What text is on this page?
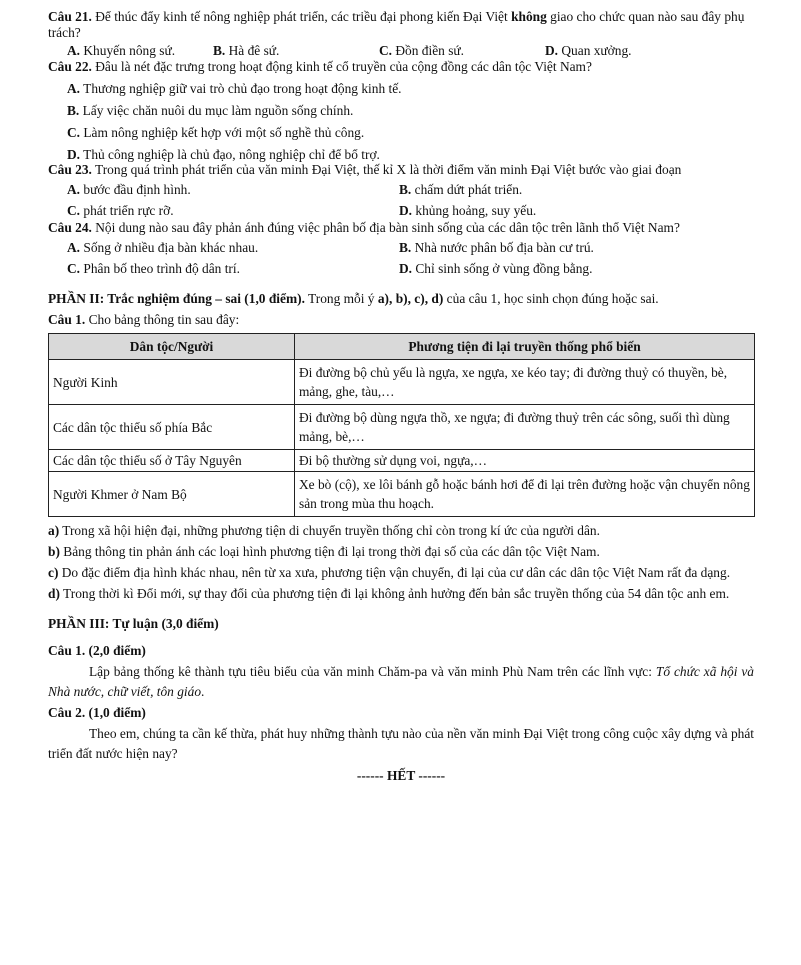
Câu 21. Để thúc đẩy kinh tế nông nghiệp phát triển, các triều đại phong kiến Đại Việt không giao cho chức quan nào sau đây phụ trách?

A. Khuyến nông sứ.	B. Hà đê sứ.	C. Đồn điền sứ.	D. Quan xưởng.

Câu 22. Đâu là nét đặc trưng trong hoạt động kinh tế cổ truyền của cộng đồng các dân tộc Việt Nam?

A. Thương nghiệp giữ vai trò chủ đạo trong hoạt động kinh tế.
B. Lấy việc chăn nuôi du mục làm nguồn sống chính.
C. Làm nông nghiệp kết hợp với một số nghề thủ công.
D. Thủ công nghiệp là chủ đạo, nông nghiệp chỉ để bổ trợ.

Câu 23. Trong quá trình phát triển của văn minh Đại Việt, thế kỉ X là thời điểm văn minh Đại Việt bước vào giai đoạn

A. bước đầu định hình.	B. chấm dứt phát triển.
C. phát triển rực rỡ.	D. khủng hoảng, suy yếu.

Câu 24. Nội dung nào sau đây phản ánh đúng việc phân bố địa bàn sinh sống của các dân tộc trên lãnh thổ Việt Nam?

A. Sống ở nhiều địa bàn khác nhau.	B. Nhà nước phân bố địa bàn cư trú.
C. Phân bố theo trình độ dân trí.	D. Chỉ sinh sống ở vùng đồng bằng.
PHẦN II: Trắc nghiệm đúng – sai (1,0 điểm). Trong mỗi ý a), b), c), d) của câu 1, học sinh chọn đúng hoặc sai.

Câu 1. Cho bảng thông tin sau đây:

Dân tộc/Người	Phương tiện đi lại truyền thống phổ biến
Người Kinh	Đi đường bộ chủ yếu là ngựa, xe ngựa, xe kéo tay; đi đường thuỷ có thuyền, bè, mảng, ghe, tàu,…
Các dân tộc thiểu số phía Bắc	Đi đường bộ dùng ngựa thồ, xe ngựa; đi đường thuỷ trên các sông, suối thì dùng mảng, bè,…
Các dân tộc thiểu số ở Tây Nguyên	Đi bộ thường sử dụng voi, ngựa,…
Người Khmer ở Nam Bộ	Xe bò (cộ), xe lôi bánh gỗ hoặc bánh hơi để đi lại trên đường hoặc vận chuyển nông sản trong mùa thu hoạch.
a) Trong xã hội hiện đại, những phương tiện di chuyển truyền thống chỉ còn trong kí ức của người dân.
b) Bảng thông tin phản ánh các loại hình phương tiện đi lại trong thời đại số của các dân tộc Việt Nam.
c) Do đặc điểm địa hình khác nhau, nên từ xa xưa, phương tiện vận chuyển, đi lại của cư dân các dân tộc Việt Nam rất đa dạng.
d) Trong thời kì Đổi mới, sự thay đổi của phương tiện đi lại không ảnh hưởng đến bản sắc truyền thống của 54 dân tộc anh em.
PHẦN III: Tự luận (3,0 điểm)
Câu 1. (2,0 điểm)
Lập bảng thống kê thành tựu tiêu biểu của văn minh Chăm-pa và văn minh Phù Nam trên các lĩnh vực: Tổ chức xã hội và Nhà nước, chữ viết, tôn giáo.
Câu 2. (1,0 điểm)
Theo em, chúng ta cần kế thừa, phát huy những thành tựu nào của nền văn minh Đại Việt trong công cuộc xây dựng và phát triển đất nước hiện nay?
------ HẾT ------
